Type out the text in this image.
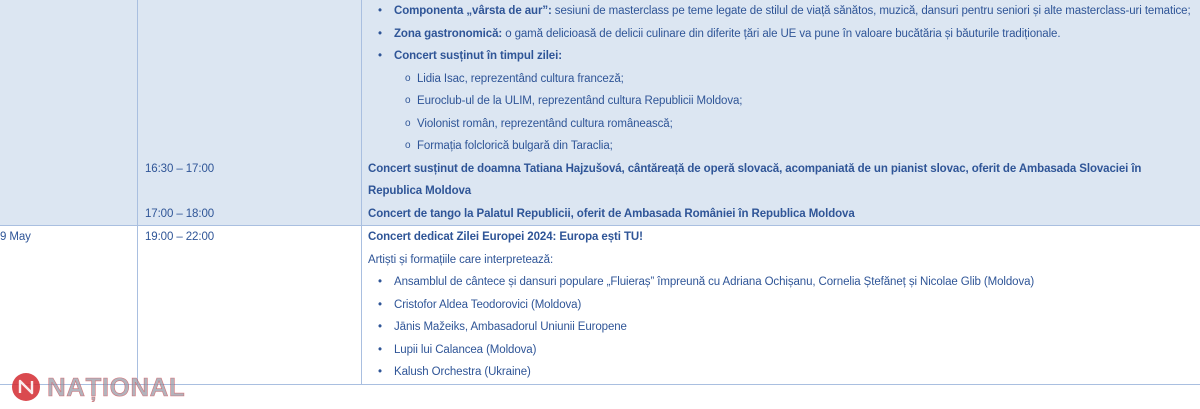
• Componenta „vârsta de aur”: sesiuni de masterclass pe teme legate de stilul de viață sănătos, muzică, dansuri pentru seniori și alte masterclass-uri tematice;
• Zona gastronomică: o gamă delicioasă de delicii culinare din diferite țări ale UE va pune în valoare bucătăria și băuturile tradiționale.
• Concert susținut în timpul zilei:
o Lidia Isac, reprezentând cultura franceză;
o Euroclub-ul de la ULIM, reprezentând cultura Republicii Moldova;
o Violonist român, reprezentând cultura românească;
o Formația folclorică bulgară din Taraclia;
16:30 – 17:00	Concert susținut de doamna Tatiana Hajzušová, cântăreață de operă slovacă, acompaniată de un pianist slovac, oferit de Ambasada Slovaciei în Republica Moldova

17:00 – 18:00	Concert de tango la Palatul Republicii, oferit de Ambasada României în Republica Moldova

9 May	19:00 – 22:00	Concert dedicat Zilei Europei 2024: Europa ești TU!

Artiști și formațiile care interpretează:

• Ansamblul de cântece și dansuri populare „Fluieraș” împreună cu Adriana Ochișanu, Cornelia Ștefăneț și Nicolae Glib (Moldova)
• Cristofor Aldea Teodorovici (Moldova)
• Jānis Mažeiks, Ambasadorul Uniunii Europene
• Lupii lui Calancea (Moldova)
• Kalush Orchestra (Ukraine)
NAȚIONAL
